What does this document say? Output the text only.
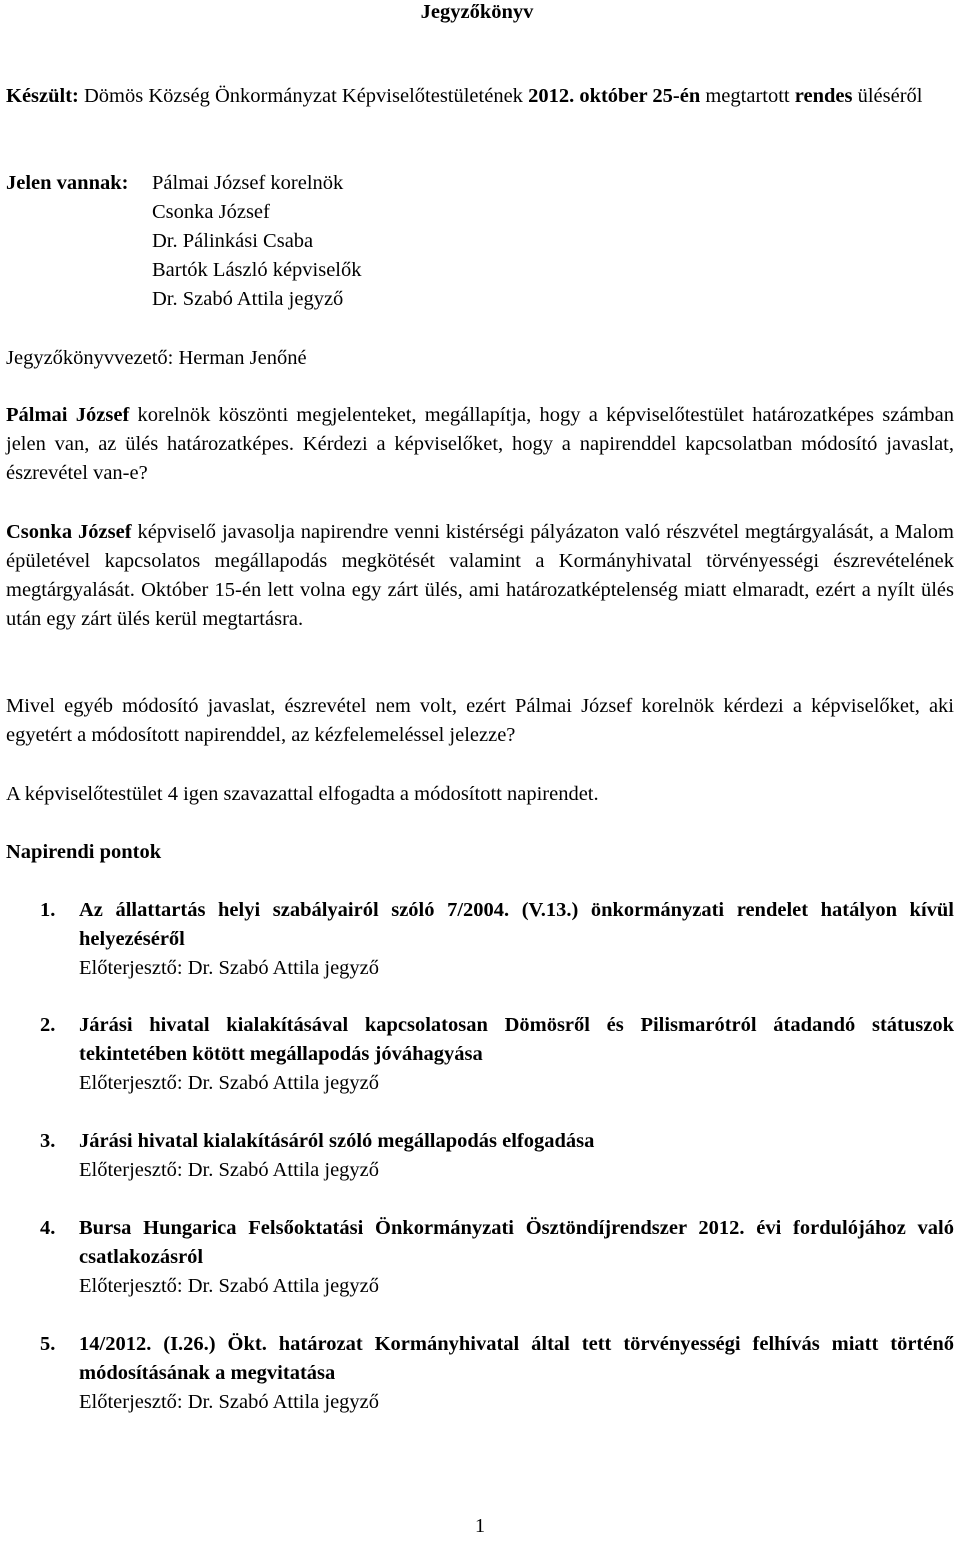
Jegyzőkönyv

Készült: Dömös Község Önkormányzat Képviselőtestületének 2012. október 25-én megtartott rendes üléséről
Jelen vannak:	Pálmai József korelnök
Csonka József
Dr. Pálinkási Csaba
Bartók László képviselők
Dr. Szabó Attila jegyző

Jegyzőkönyvvezető: Herman Jenőné

Pálmai József korelnök köszönti megjelenteket, megállapítja, hogy a képviselőtestület határozatképes számban jelen van, az ülés határozatképes. Kérdezi a képviselőket, hogy a napirenddel kapcsolatban módosító javaslat, észrevétel van-e?
Csonka József képviselő javasolja napirendre venni kistérségi pályázaton való részvétel megtárgyalását, a Malom épületével kapcsolatos megállapodás megkötését valamint a Kormányhivatal törvényességi észrevételének megtárgyalását. Október 15-én lett volna egy zárt ülés, ami határozatképtelenség miatt elmaradt, ezért a nyílt ülés után egy zárt ülés kerül megtartásra.

Mivel egyéb módosító javaslat, észrevétel nem volt, ezért Pálmai József korelnök kérdezi a képviselőket, aki egyetért a módosított napirenddel, az kézfelemeléssel jelezze?

A képviselőtestület 4 igen szavazattal elfogadta a módosított napirendet.

Napirendi pontok

1.	Az állattartás helyi szabályairól szóló 7/2004. (V.13.) önkormányzati rendelet hatályon kívül helyezéséről
Előterjesztő: Dr. Szabó Attila jegyző
2.	Járási hivatal kialakításával kapcsolatosan Dömösről és Pilismarótról átadandó státuszok tekintetében kötött megállapodás jóváhagyása
Előterjesztő: Dr. Szabó Attila jegyző
3.	Járási hivatal kialakításáról szóló megállapodás elfogadása
Előterjesztő: Dr. Szabó Attila jegyző
4.	Bursa Hungarica Felsőoktatási Önkormányzati Ösztöndíjrendszer 2012. évi fordulójához való csatlakozásról
Előterjesztő: Dr. Szabó Attila jegyző
5.	14/2012. (I.26.) Ökt. határozat Kormányhivatal által tett törvényességi felhívás miatt történő módosításának a megvitatása
Előterjesztő: Dr. Szabó Attila jegyző
1
